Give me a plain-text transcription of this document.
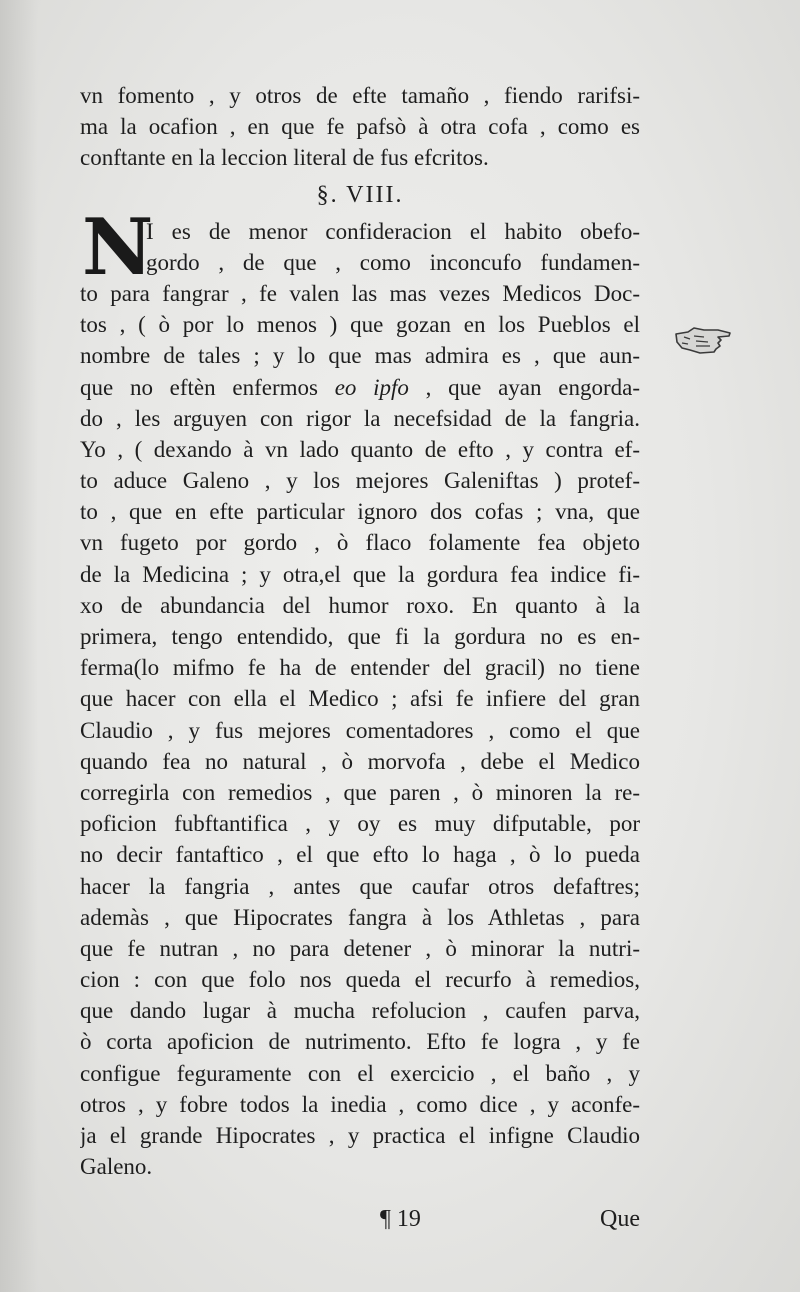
vn fomento , y otros de efte tamaño , fiendo rarifsi-
ma la ocafion , en que fe pafsò à otra cofa , como es
conftante en la leccion literal de fus efcritos.
§. VIII.
N
I es de menor confideracion el habito obefo-
gordo , de que , como inconcufo fundamen-
to para fangrar , fe valen las mas vezes Medicos Doc-
tos , ( ò por lo menos ) que gozan en los Pueblos el
nombre de tales ; y lo que mas admira es , que aun-
que no eftèn enfermos eo ipfo , que ayan engorda-
do , les arguyen con rigor la necefsidad de la fangria.
Yo , ( dexando à vn lado quanto de efto , y contra ef-
to aduce Galeno , y los mejores Galeniftas ) protef-
to , que en efte particular ignoro dos cofas ; vna, que
vn fugeto por gordo , ò flaco folamente fea objeto
de la Medicina ; y otra,el que la gordura fea indice fi-
xo de abundancia del humor roxo. En quanto à la
primera, tengo entendido, que fi la gordura no es en-
ferma(lo mifmo fe ha de entender del gracil) no tiene
que hacer con ella el Medico ; afsi fe infiere del gran
Claudio , y fus mejores comentadores , como el que
quando fea no natural , ò morvofa , debe el Medico
corregirla con remedios , que paren , ò minoren la re-
poficion fubftantifica , y oy es muy difputable, por
no decir fantaftico , el que efto lo haga , ò lo pueda
hacer la fangria , antes que caufar otros defaftres;
ademàs , que Hipocrates fangra à los Athletas , para
que fe nutran , no para detener , ò minorar la nutri-
cion : con que folo nos queda el recurfo à remedios,
que dando lugar à mucha refolucion , caufen parva,
ò corta apoficion de nutrimento. Efto fe logra , y fe
configue feguramente con el exercicio , el baño , y
otros , y fobre todos la inedia , como dice , y aconfe-
ja el grande Hipocrates , y practica el infigne Claudio
Galeno.
¶ 19	Que
